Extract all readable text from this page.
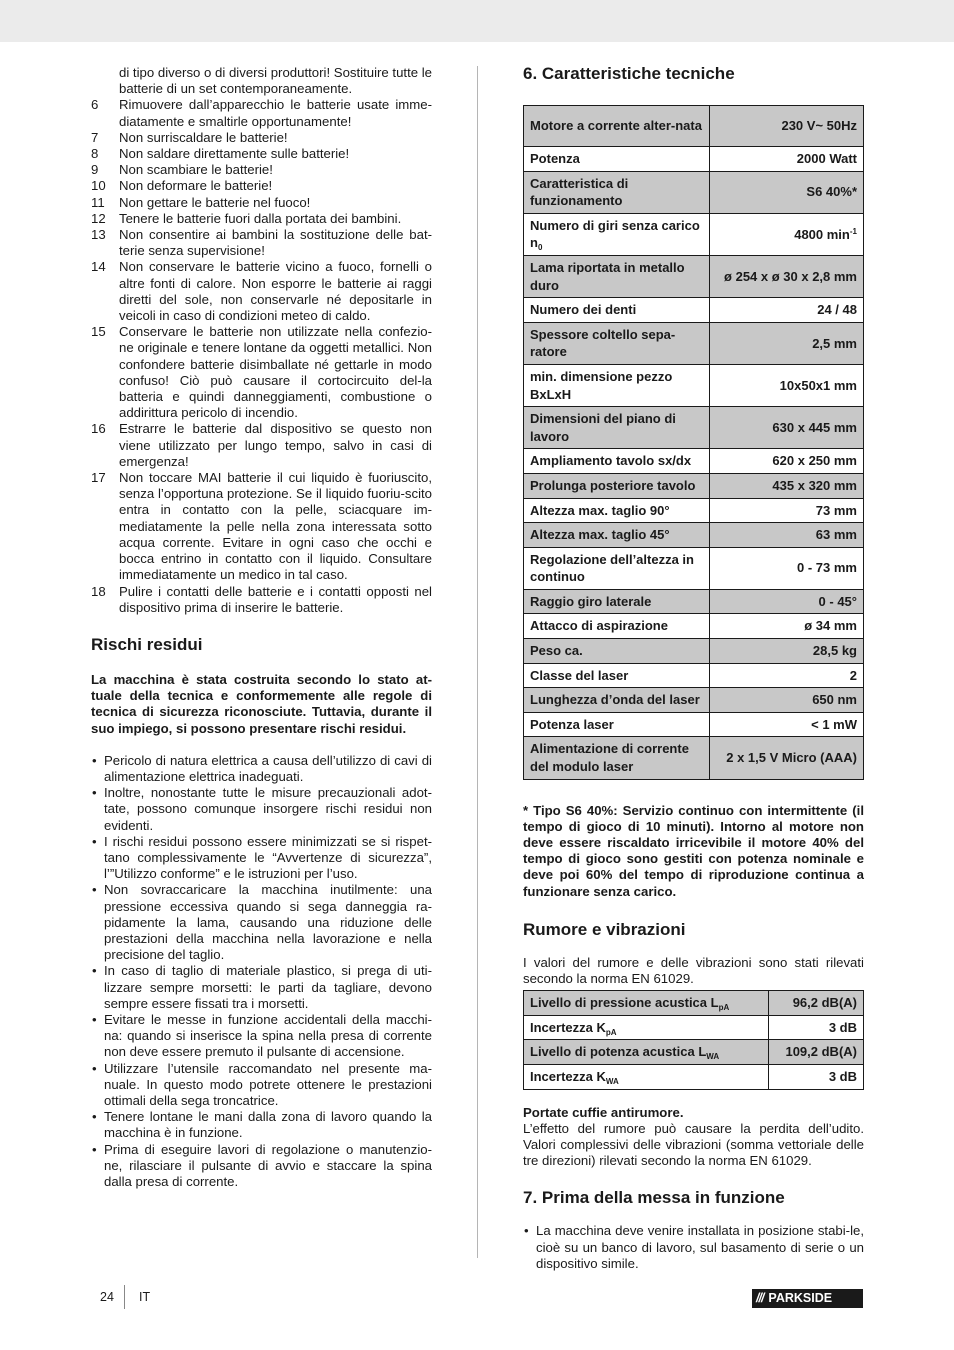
di tipo diverso o di diversi produttori! Sostituire tutte le batterie di un set contemporaneamente.
6	Rimuovere dall’apparecchio le batterie usate imme-diatamente e smaltirle opportunamente!
7	Non surriscaldare le batterie!
8	Non saldare direttamente sulle batterie!
9	Non scambiare le batterie!
10	Non deformare le batterie!
11	Non gettare le batterie nel fuoco!
12	Tenere le batterie fuori dalla portata dei bambini.
13	Non consentire ai bambini la sostituzione delle bat-terie senza supervisione!
14	Non conservare le batterie vicino a fuoco, fornelli o altre fonti di calore. Non esporre le batterie ai raggi diretti del sole, non conservarle né depositarle in veicoli in caso di condizioni meteo di caldo.
15	Conservare le batterie non utilizzate nella confezio-ne originale e tenere lontane da oggetti metallici. Non confondere batterie disimballate né gettarle in modo confuso! Ciò può causare il cortocircuito del-la batteria e quindi danneggiamenti, combustione o addirittura pericolo di incendio.
16	Estrarre le batterie dal dispositivo se questo non viene utilizzato per lungo tempo, salvo in casi di emergenza!
17	Non toccare MAI batterie il cui liquido è fuoriuscito, senza l’opportuna protezione. Se il liquido fuoriu-scito entra in contatto con la pelle, sciacquare im-mediatamente la pelle nella zona interessata sotto acqua corrente. Evitare in ogni caso che occhi e bocca entrino in contatto con il liquido. Consultare immediatamente un medico in tal caso.
18	Pulire i contatti delle batterie e i contatti opposti nel dispositivo prima di inserire le batterie.
Rischi residui

La macchina è stata costruita secondo lo stato at-tuale della tecnica e conformemente alle regole di tecnica di sicurezza riconosciute. Tuttavia, durante il suo impiego, si possono presentare rischi residui.

• Pericolo di natura elettrica a causa dell’utilizzo di cavi di alimentazione elettrica inadeguati.
• Inoltre, nonostante tutte le misure precauzionali adot-tate, possono comunque insorgere rischi residui non evidenti.
• I rischi residui possono essere minimizzati se si rispet-tano complessivamente le “Avvertenze di sicurezza”, l’”Utilizzo conforme” e le istruzioni per l’uso.
• Non sovraccaricare la macchina inutilmente: una pressione eccessiva quando si sega danneggia ra-pidamente la lama, causando una riduzione delle prestazioni della macchina nella lavorazione e nella precisione del taglio.
• In caso di taglio di materiale plastico, si prega di uti-lizzare sempre morsetti: le parti da tagliare, devono sempre essere fissati tra i morsetti.
• Evitare le messe in funzione accidentali della macchi-na: quando si inserisce la spina nella presa di corrente non deve essere premuto il pulsante di accensione.
• Utilizzare l’utensile raccomandato nel presente ma-nuale. In questo modo potrete ottenere le prestazioni ottimali della sega troncatrice.
• Tenere lontane le mani dalla zona di lavoro quando la macchina è in funzione.
• Prima di eseguire lavori di regolazione o manutenzio-ne, rilasciare il pulsante di avvio e staccare la spina dalla presa di corrente.
6. Caratteristiche tecniche
Motore a corrente alter-nata	230 V~ 50Hz
Potenza	2000 Watt
Caratteristica di funzionamento	S6 40%*
Numero di giri senza carico $n_0$	4800 $\min^{-1}$
Lama riportata in metallo duro	ø 254 x ø 30 x 2,8 mm
Numero dei denti	24 / 48
Spessore coltello sepa-ratore	2,5 mm
min. dimensione pezzo BxLxH	10x50x1 mm
Dimensioni del piano di lavoro	630 x 445 mm
Ampliamento tavolo sx/dx	620 x 250 mm
Prolunga posteriore tavolo	435 x 320 mm
Altezza max. taglio 90°	73 mm
Altezza max. taglio 45°	63 mm
Regolazione dell’altezza in continuo	0 - 73 mm
Raggio giro laterale	0 - 45°
Attacco di aspirazione	ø 34 mm
Peso ca.	28,5 kg
Classe del laser	2
Lunghezza d’onda del laser	650 nm
Potenza laser	< 1 mW
Alimentazione di corrente del modulo laser	2 x 1,5 V Micro (AAA)

* Tipo S6 40%: Servizio continuo con intermittente (il tempo di gioco di 10 minuti). Intorno al motore non deve essere riscaldato irricevibile il motore 40% del tempo di gioco sono gestiti con potenza nominale e deve poi 60% del tempo di riproduzione continua a funzionare senza carico.

Rumore e vibrazioni

I valori del rumore e delle vibrazioni sono stati rilevati secondo la norma EN 61029.

Livello di pressione acustica $L_{pA}$	96,2 dB(A)
Incertezza $K_{pA}$	3 dB
Livello di potenza acustica $L_{WA}$	109,2 dB(A)
Incertezza $K_{WA}$	3 dB

Portate cuffie antirumore.

L’effetto del rumore può causare la perdita dell’udito. Valori complessivi delle vibrazioni (somma vettoriale delle tre direzioni) rilevati secondo la norma EN 61029.

7. Prima della messa in funzione
• La macchina deve venire installata in posizione stabi-le, cioè su un banco di lavoro, sul basamento di serie o un dispositivo simile.
24 IT	/// PARKSIDE
